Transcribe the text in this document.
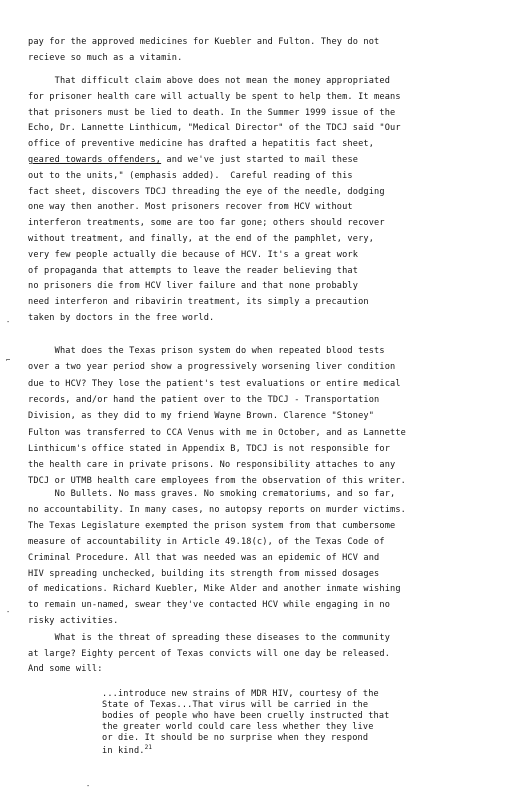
pay for the approved medicines for Kuebler and Fulton. They do not
recieve so much as a vitamin.
That difficult claim above does not mean the money appropriated
for prisoner health care will actually be spent to help them. It means
that prisoners must be lied to death. In the Summer 1999 issue of the
Echo, Dr. Lannette Linthicum, "Medical Director" of the TDCJ said "Our
office of preventive medicine has drafted a hepatitis fact sheet,
geared towards offenders, and we've just started to mail these
out to the units," (emphasis added).  Careful reading of this
fact sheet, discovers TDCJ threading the eye of the needle, dodging
one way then another. Most prisoners recover from HCV without
interferon treatments, some are too far gone; others should recover
without treatment, and finally, at the end of the pamphlet, very,
very few people actually die because of HCV. It's a great work
of propaganda that attempts to leave the reader believing that
no prisoners die from HCV liver failure and that none probably
need interferon and ribavirin treatment, its simply a precaution
taken by doctors in the free world.
What does the Texas prison system do when repeated blood tests
over a two year period show a progressively worsening liver condition
due to HCV? They lose the patient's test evaluations or entire medical
records, and/or hand the patient over to the TDCJ - Transportation
Division, as they did to my friend Wayne Brown. Clarence "Stoney"
Fulton was transferred to CCA Venus with me in October, and as Lannette
Linthicum's office stated in Appendix B, TDCJ is not responsible for
the health care in private prisons. No responsibility attaches to any
TDCJ or UTMB health care employees from the observation of this writer.
No Bullets. No mass graves. No smoking crematoriums, and so far,
no accountability. In many cases, no autopsy reports on murder victims.
The Texas Legislature exempted the prison system from that cumbersome
measure of accountability in Article 49.18(c), of the Texas Code of
Criminal Procedure. All that was needed was an epidemic of HCV and
HIV spreading unchecked, building its strength from missed dosages
of medications. Richard Kuebler, Mike Alder and another inmate wishing
to remain un-named, swear they've contacted HCV while engaging in no
risky activities.
What is the threat of spreading these diseases to the community
at large? Eighty percent of Texas convicts will one day be released.
And some will:
...introduce new strains of MDR HIV, courtesy of the
State of Texas...That virus will be carried in the
bodies of people who have been cruelly instructed that
the greater world could care less whether they live
or die. It should be no surprise when they respond
in kind.$^{21}$
-
⌐
-
-
